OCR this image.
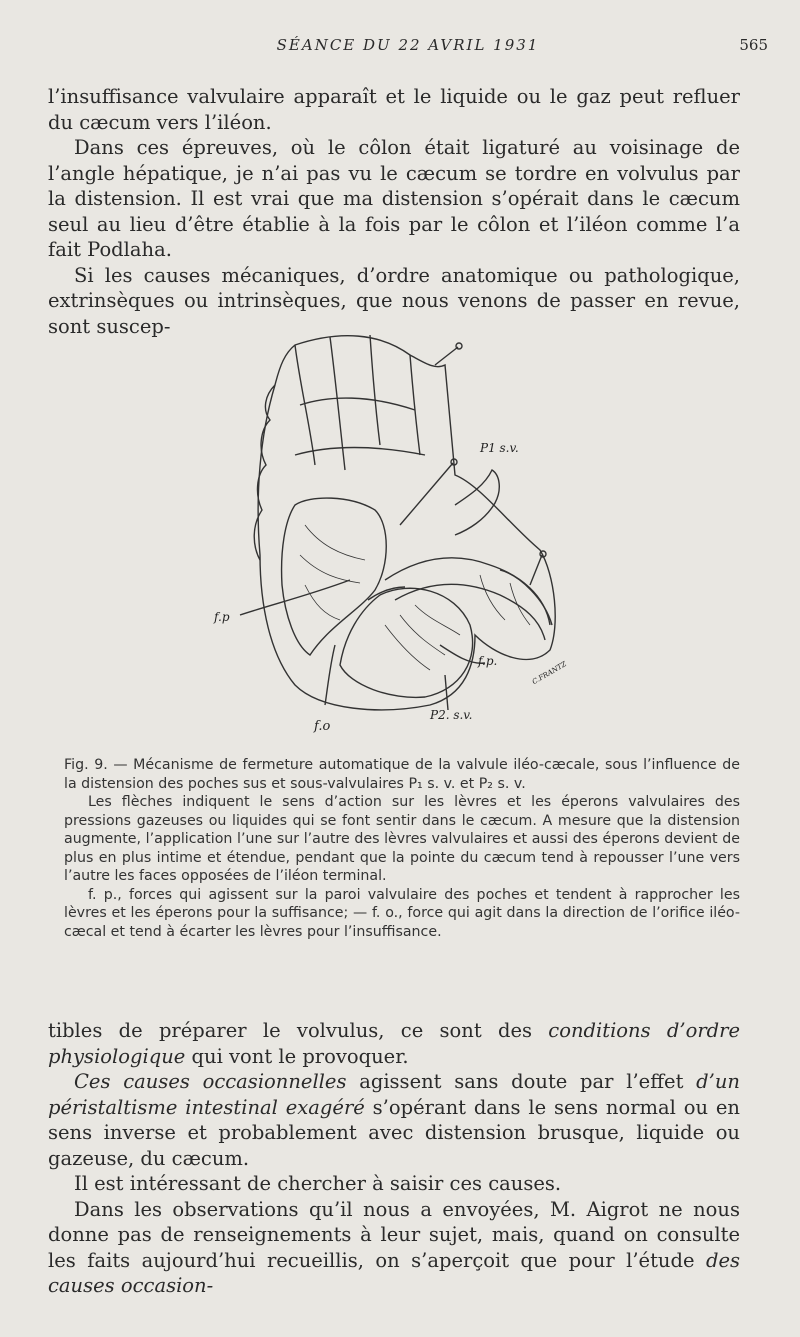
SÉANCE DU 22 AVRIL 1931	565

l’insuffisance valvulaire apparaît et le liquide ou le gaz peut refluer du cæcum vers l’iléon.

Dans ces épreuves, où le côlon était ligaturé au voisinage de l’angle hépatique, je n’ai pas vu le cæcum se tordre en volvulus par la distension. Il est vrai que ma distension s’opérait dans le cæcum seul au lieu d’être établie à la fois par le côlon et l’iléon comme l’a fait Podlaha.

Si les causes mécaniques, d’ordre anatomique ou pathologique, extrinsèques ou intrinsèques, que nous venons de passer en revue, sont suscep-

P1 s.v.
P2. s.v.
f.p
f.p.
f.o
C.FRANTZ

Fig. 9. — Mécanisme de fermeture automatique de la valvule iléo-cæcale, sous l’influence de la distension des poches sus et sous-valvulaires P₁ s. v. et P₂ s. v.

Les flèches indiquent le sens d’action sur les lèvres et les éperons valvulaires des pressions gazeuses ou liquides qui se font sentir dans le cæcum. A mesure que la distension augmente, l’application l’une sur l’autre des lèvres valvulaires et aussi des éperons devient de plus en plus intime et étendue, pendant que la pointe du cæcum tend à repousser l’une vers l’autre les faces opposées de l’iléon terminal.

f. p., forces qui agissent sur la paroi valvulaire des poches et tendent à rapprocher les lèvres et les éperons pour la suffisance; — f. o., force qui agit dans la direction de l’orifice iléo-cæcal et tend à écarter les lèvres pour l’insuffisance.

tibles de préparer le volvulus, ce sont des conditions d’ordre physiologique qui vont le provoquer.

Ces causes occasionnelles agissent sans doute par l’effet d’un péristaltisme intestinal exagéré s’opérant dans le sens normal ou en sens inverse et probablement avec distension brusque, liquide ou gazeuse, du cæcum.

Il est intéressant de chercher à saisir ces causes.

Dans les observations qu’il nous a envoyées, M. Aigrot ne nous donne pas de renseignements à leur sujet, mais, quand on consulte les faits aujourd’hui recueillis, on s’aperçoit que pour l’étude des causes occasion-
